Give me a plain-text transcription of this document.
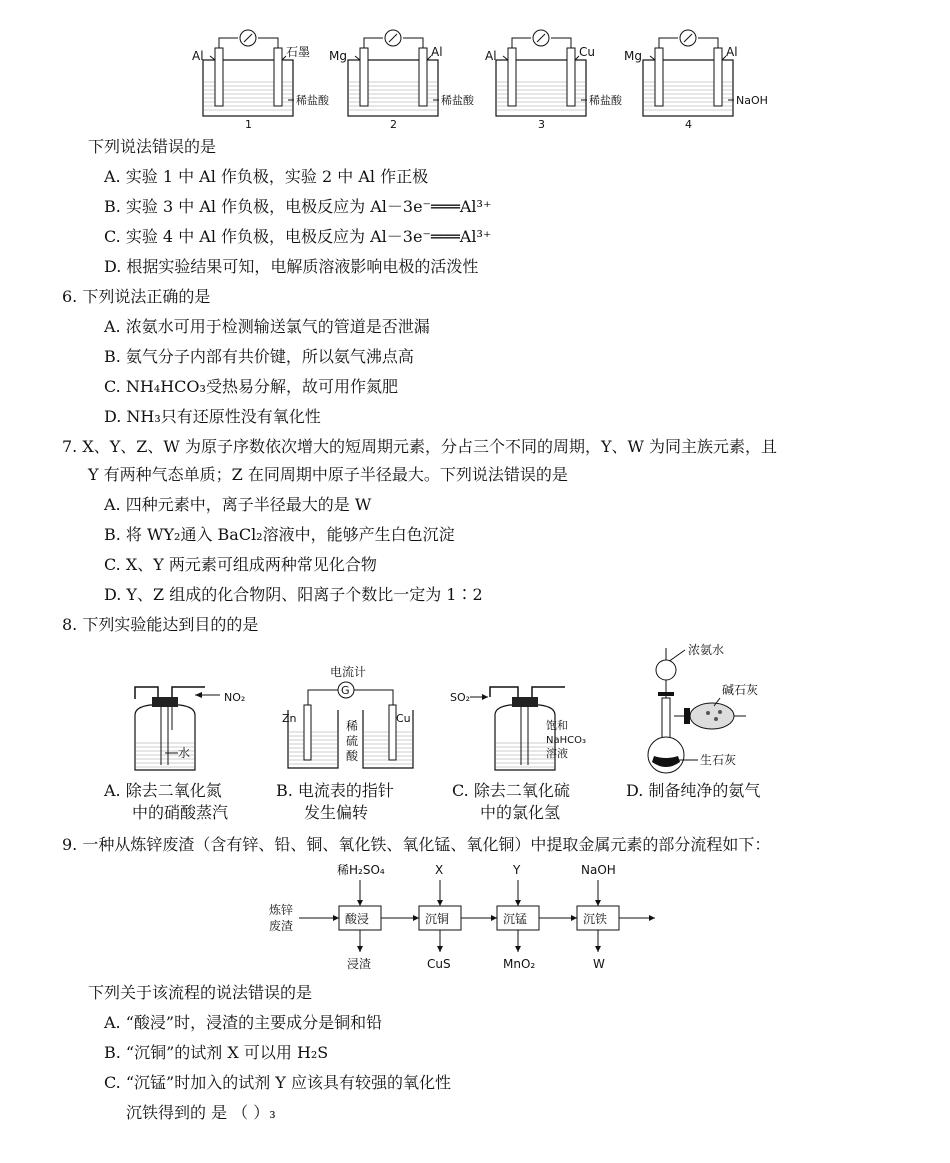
Al	石墨
稀盐酸
1
Mg	Al
稀盐酸
2
Al	Cu
稀盐酸
3
Mg	Al
NaOH
4
下列说法错误的是
A. 实验 1 中 Al 作负极，实验 2 中 Al 作正极
B. 实验 3 中 Al 作负极，电极反应为 Al－3e⁻═══Al³⁺
C. 实验 4 中 Al 作负极，电极反应为 Al－3e⁻═══Al³⁺
D. 根据实验结果可知，电解质溶液影响电极的活泼性
6. 下列说法正确的是
A. 浓氨水可用于检测输送氯气的管道是否泄漏
B. 氨气分子内部有共价键，所以氨气沸点高
C. NH₄HCO₃受热易分解，故可用作氮肥
D. NH₃只有还原性没有氧化性
7. X、Y、Z、W 为原子序数依次增大的短周期元素，分占三个不同的周期，Y、W 为同主族元素，且
Y 有两种气态单质；Z 在同周期中原子半径最大。下列说法错误的是
A. 四种元素中，离子半径最大的是 W
B. 将 WY₂通入 BaCl₂溶液中，能够产生白色沉淀
C. X、Y 两元素可组成两种常见化合物
D. Y、Z 组成的化合物阴、阳离子个数比一定为 1∶2
8. 下列实验能达到目的的是
NO₂
水
电流计
G
Zn	Cu
稀
硫
酸
SO₂
饱和
NaHCO₃
溶液
浓氨水
碱石灰
生石灰
A. 除去二氧化氮
中的硝酸蒸汽
B. 电流表的指针
发生偏转
C. 除去二氧化硫
中的氯化氢
D. 制备纯净的氨气
9. 一种从炼锌废渣（含有锌、铅、铜、氧化铁、氧化锰、氧化铜）中提取金属元素的部分流程如下：
炼锌
废渣	酸浸	沉铜	沉锰	沉铁
稀H₂SO₄	X	Y	NaOH
浸渣	CuS	MnO₂	W
下列关于该流程的说法错误的是
A. “酸浸”时，浸渣的主要成分是铜和铅
B. “沉铜”的试剂 X 可以用 H₂S
C. “沉锰”时加入的试剂 Y 应该具有较强的氧化性
沉铁得到的 是 （ ）₃
